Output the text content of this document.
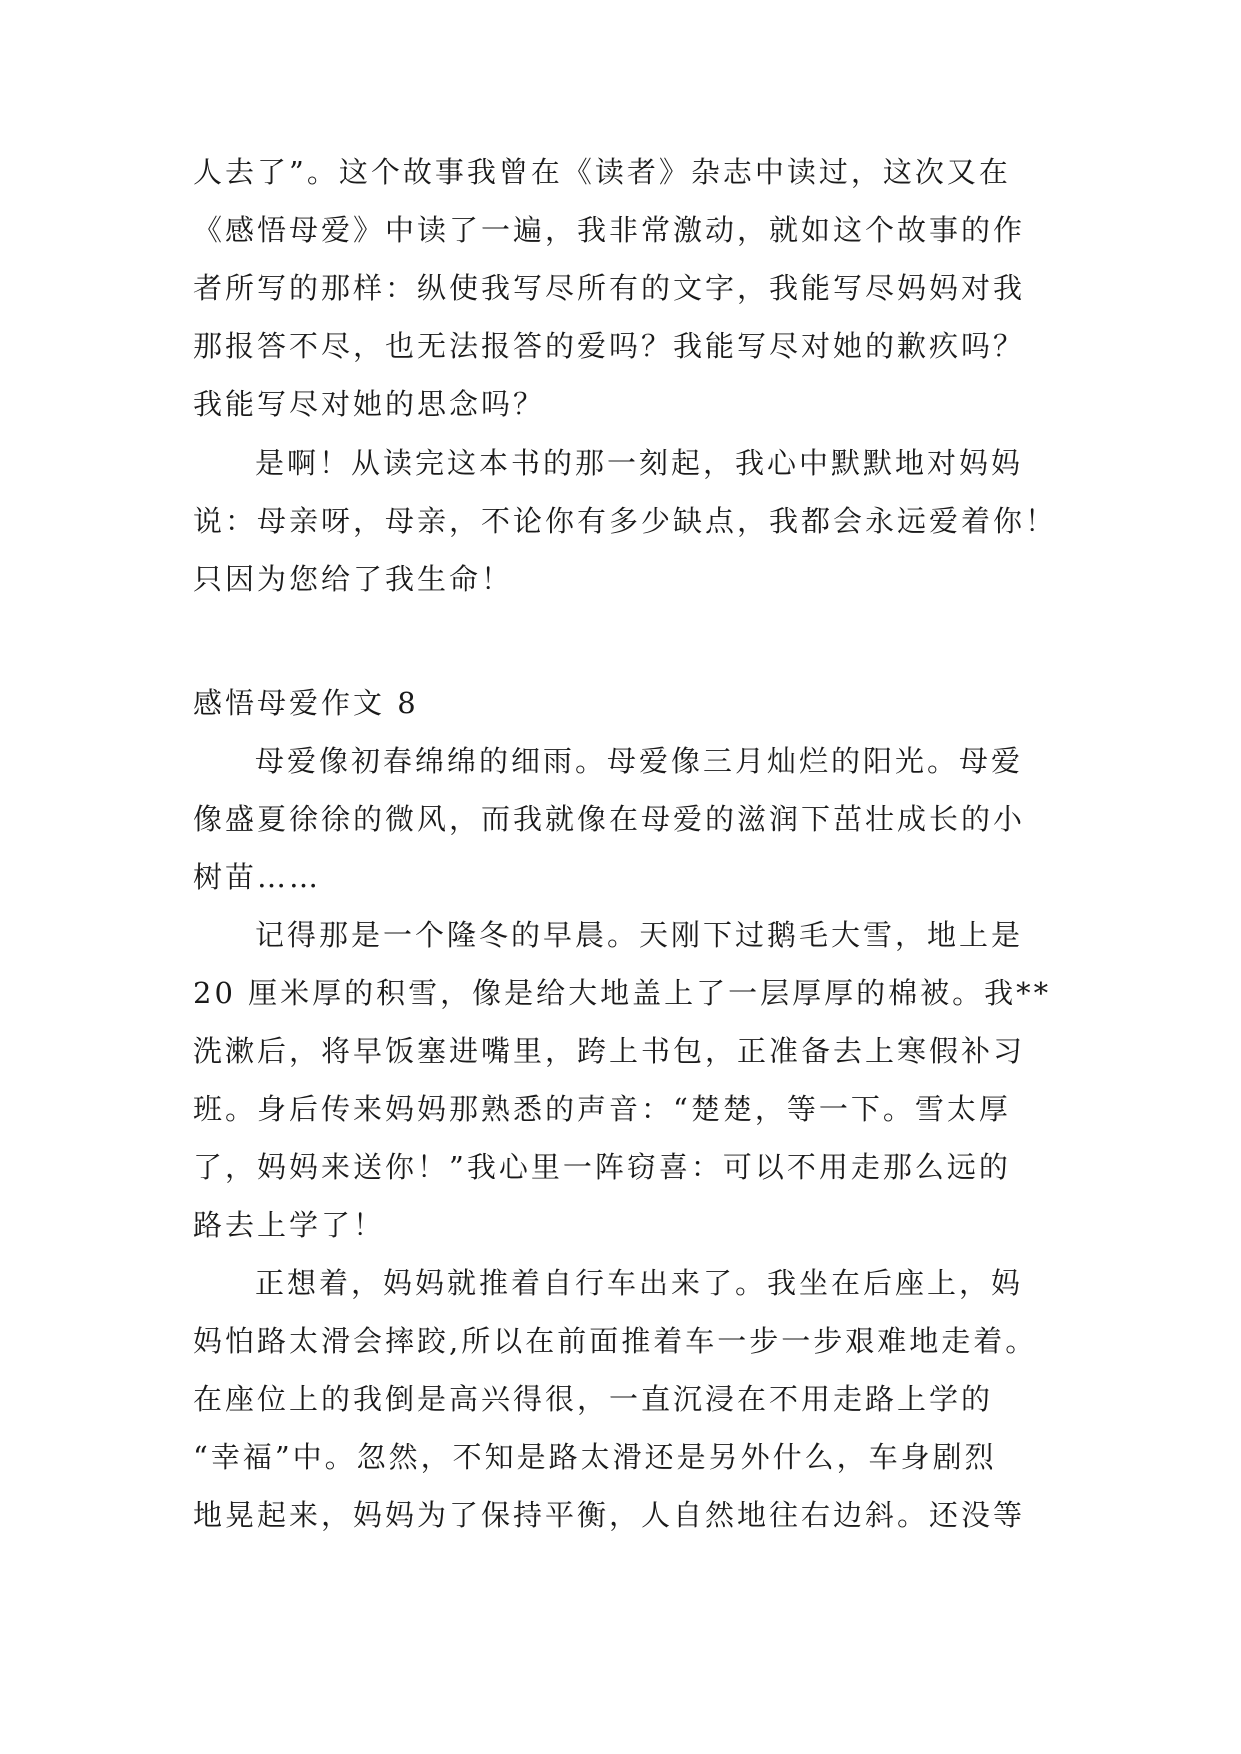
人去了”。这个故事我曾在《读者》杂志中读过，这次又在
《感悟母爱》中读了一遍，我非常激动，就如这个故事的作
者所写的那样：纵使我写尽所有的文字，我能写尽妈妈对我
那报答不尽，也无法报答的爱吗？我能写尽对她的歉疚吗？
我能写尽对她的思念吗？
是啊！从读完这本书的那一刻起，我心中默默地对妈妈
说：母亲呀，母亲，不论你有多少缺点，我都会永远爱着你！
只因为您给了我生命！
感悟母爱作文 8
母爱像初春绵绵的细雨。母爱像三月灿烂的阳光。母爱
像盛夏徐徐的微风，而我就像在母爱的滋润下茁壮成长的小
树苗……
记得那是一个隆冬的早晨。天刚下过鹅毛大雪，地上是
20 厘米厚的积雪，像是给大地盖上了一层厚厚的棉被。我**
洗漱后，将早饭塞进嘴里，跨上书包，正准备去上寒假补习
班。身后传来妈妈那熟悉的声音：“楚楚，等一下。雪太厚
了，妈妈来送你！”我心里一阵窃喜：可以不用走那么远的
路去上学了！
正想着，妈妈就推着自行车出来了。我坐在后座上，妈
妈怕路太滑会摔跤,所以在前面推着车一步一步艰难地走着。
在座位上的我倒是高兴得很，一直沉浸在不用走路上学的
“幸福”中。忽然，不知是路太滑还是另外什么，车身剧烈
地晃起来，妈妈为了保持平衡，人自然地往右边斜。还没等
